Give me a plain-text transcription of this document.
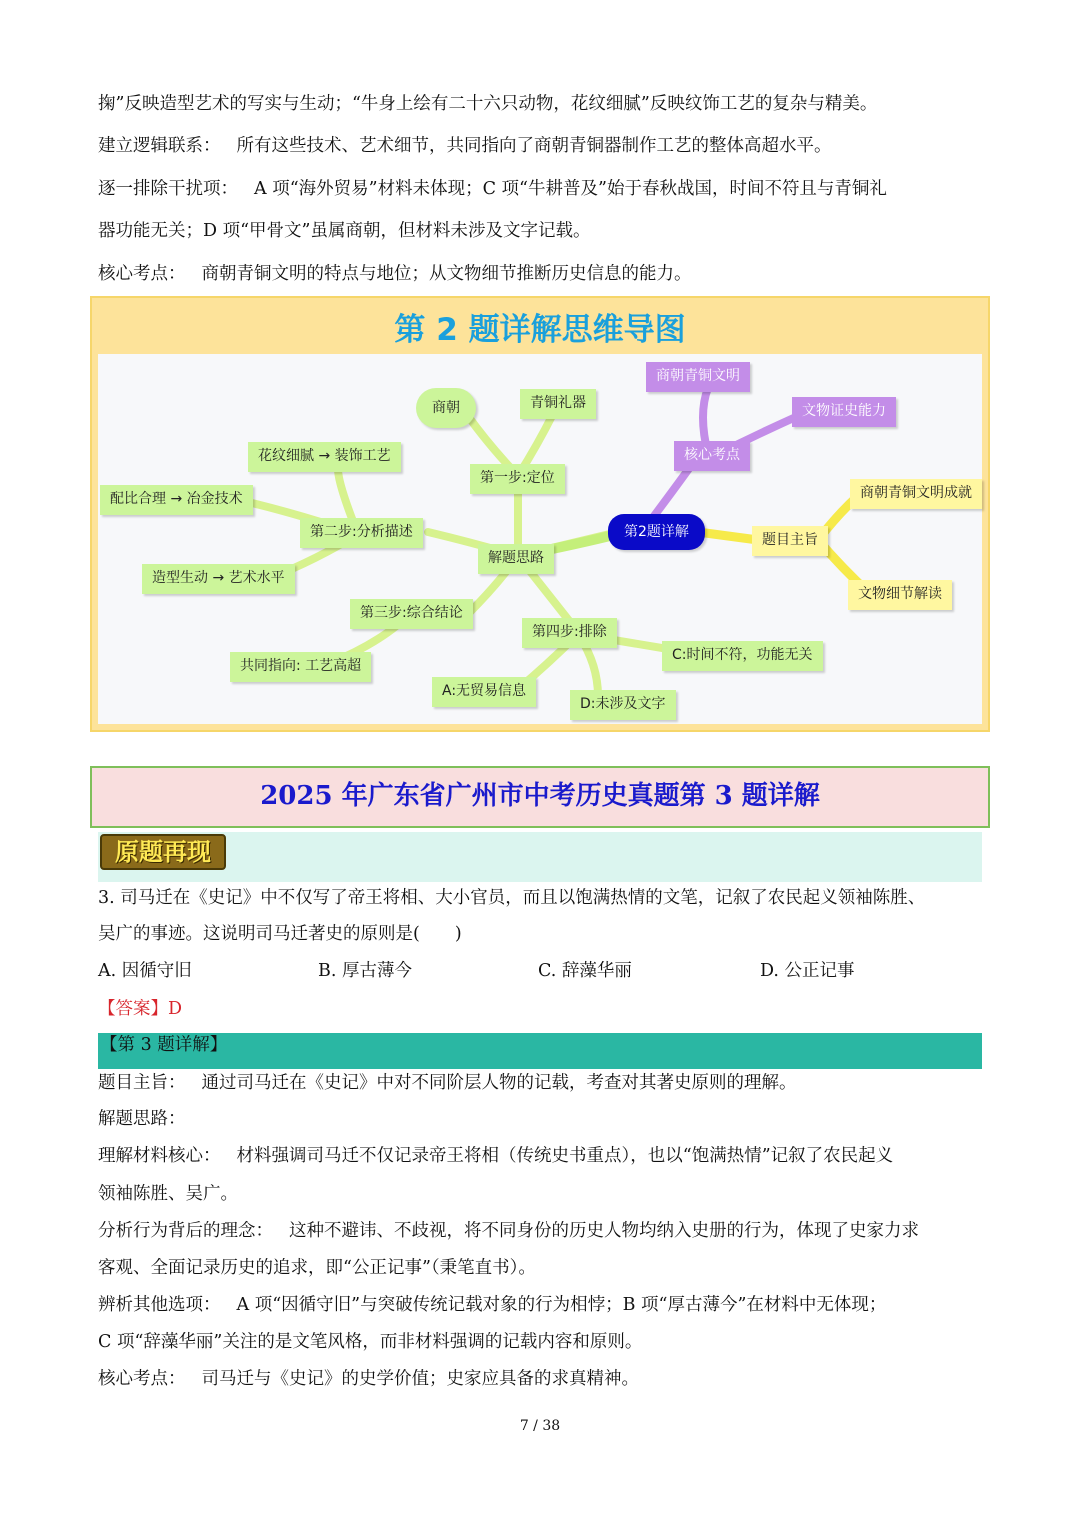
掬”反映造型艺术的写实与生动；“牛身上绘有二十六只动物，花纹细腻”反映纹饰工艺的复杂与精美。
建立逻辑联系： 所有这些技术、艺术细节，共同指向了商朝青铜器制作工艺的整体高超水平。
逐一排除干扰项： A 项“海外贸易”材料未体现；C 项“牛耕普及”始于春秋战国，时间不符且与青铜礼
器功能无关；D 项“甲骨文”虽属商朝，但材料未涉及文字记载。
核心考点： 商朝青铜文明的特点与地位；从文物细节推断历史信息的能力。
第 2 题详解思维导图
商朝	青铜礼器
第一步:定位
花纹细腻 → 装饰工艺
配比合理 → 冶金技术
第二步:分析描述
解题思路
造型生动 → 艺术水平
第三步:综合结论
共同指向: 工艺高超
第四步:排除
A:无贸易信息
D:未涉及文字
C:时间不符，功能无关
第2题详解
商朝青铜文明
文物证史能力
核心考点
题目主旨
商朝青铜文明成就
文物细节解读
2025 年广东省广州市中考历史真题第 3 题详解
原题再现
3. 司马迁在《史记》中不仅写了帝王将相、大小官员，而且以饱满热情的文笔，记叙了农民起义领袖陈胜、
吴广的事迹。这说明司马迁著史的原则是(　　)
A. 因循守旧	B. 厚古薄今	C. 辞藻华丽	D. 公正记事
【答案】D
【第 3 题详解】
题目主旨： 通过司马迁在《史记》中对不同阶层人物的记载，考查对其著史原则的理解。
解题思路：
理解材料核心： 材料强调司马迁不仅记录帝王将相（传统史书重点），也以“饱满热情”记叙了农民起义
领袖陈胜、吴广。
分析行为背后的理念： 这种不避讳、不歧视，将不同身份的历史人物均纳入史册的行为，体现了史家力求
客观、全面记录历史的追求，即“公正记事”（秉笔直书）。
辨析其他选项： A 项“因循守旧”与突破传统记载对象的行为相悖；B 项“厚古薄今”在材料中无体现；
C 项“辞藻华丽”关注的是文笔风格，而非材料强调的记载内容和原则。
核心考点： 司马迁与《史记》的史学价值；史家应具备的求真精神。
7 / 38
